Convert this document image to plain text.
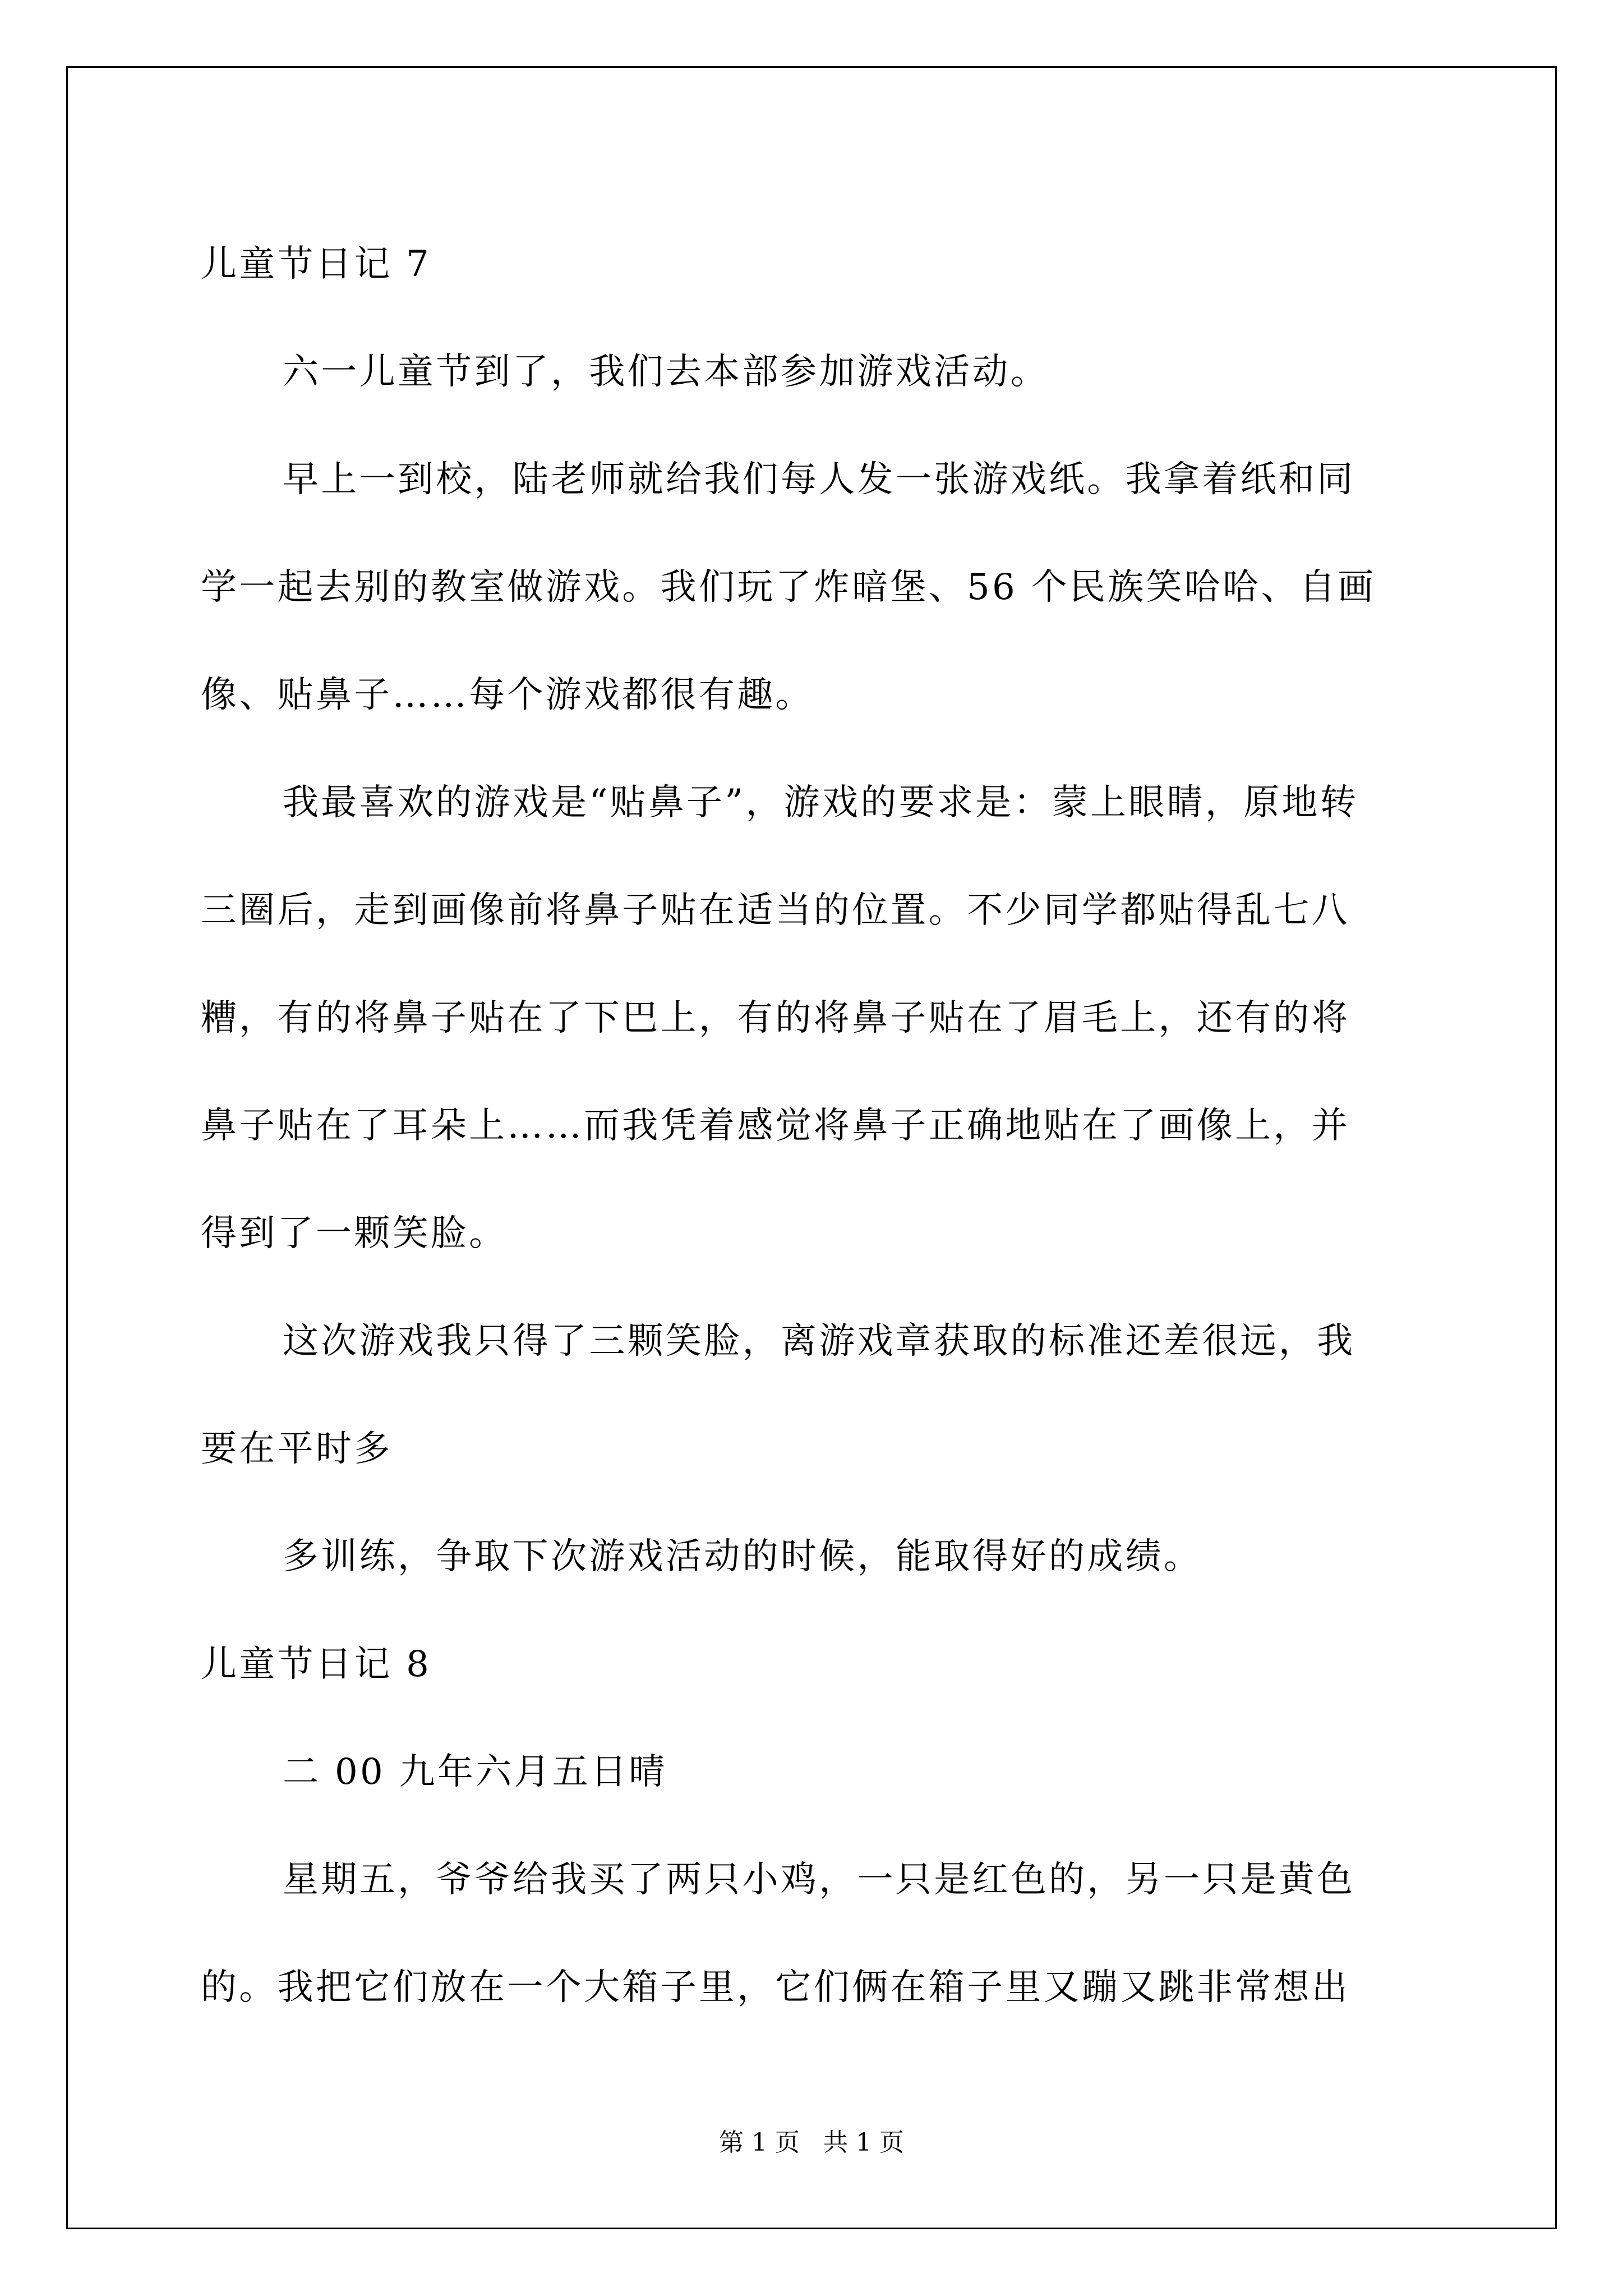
儿童节日记 7
六一儿童节到了，我们去本部参加游戏活动。
早上一到校，陆老师就给我们每人发一张游戏纸。我拿着纸和同
学一起去别的教室做游戏。我们玩了炸暗堡、56 个民族笑哈哈、自画
像、贴鼻子……每个游戏都很有趣。
我最喜欢的游戏是“贴鼻子”，游戏的要求是：蒙上眼睛，原地转
三圈后，走到画像前将鼻子贴在适当的位置。不少同学都贴得乱七八
糟，有的将鼻子贴在了下巴上，有的将鼻子贴在了眉毛上，还有的将
鼻子贴在了耳朵上……而我凭着感觉将鼻子正确地贴在了画像上，并
得到了一颗笑脸。
这次游戏我只得了三颗笑脸，离游戏章获取的标准还差很远，我
要在平时多
多训练，争取下次游戏活动的时候，能取得好的成绩。
儿童节日记 8
二 00 九年六月五日晴
星期五，爷爷给我买了两只小鸡，一只是红色的，另一只是黄色
的。我把它们放在一个大箱子里，它们俩在箱子里又蹦又跳非常想出
第 1 页   共 1 页
